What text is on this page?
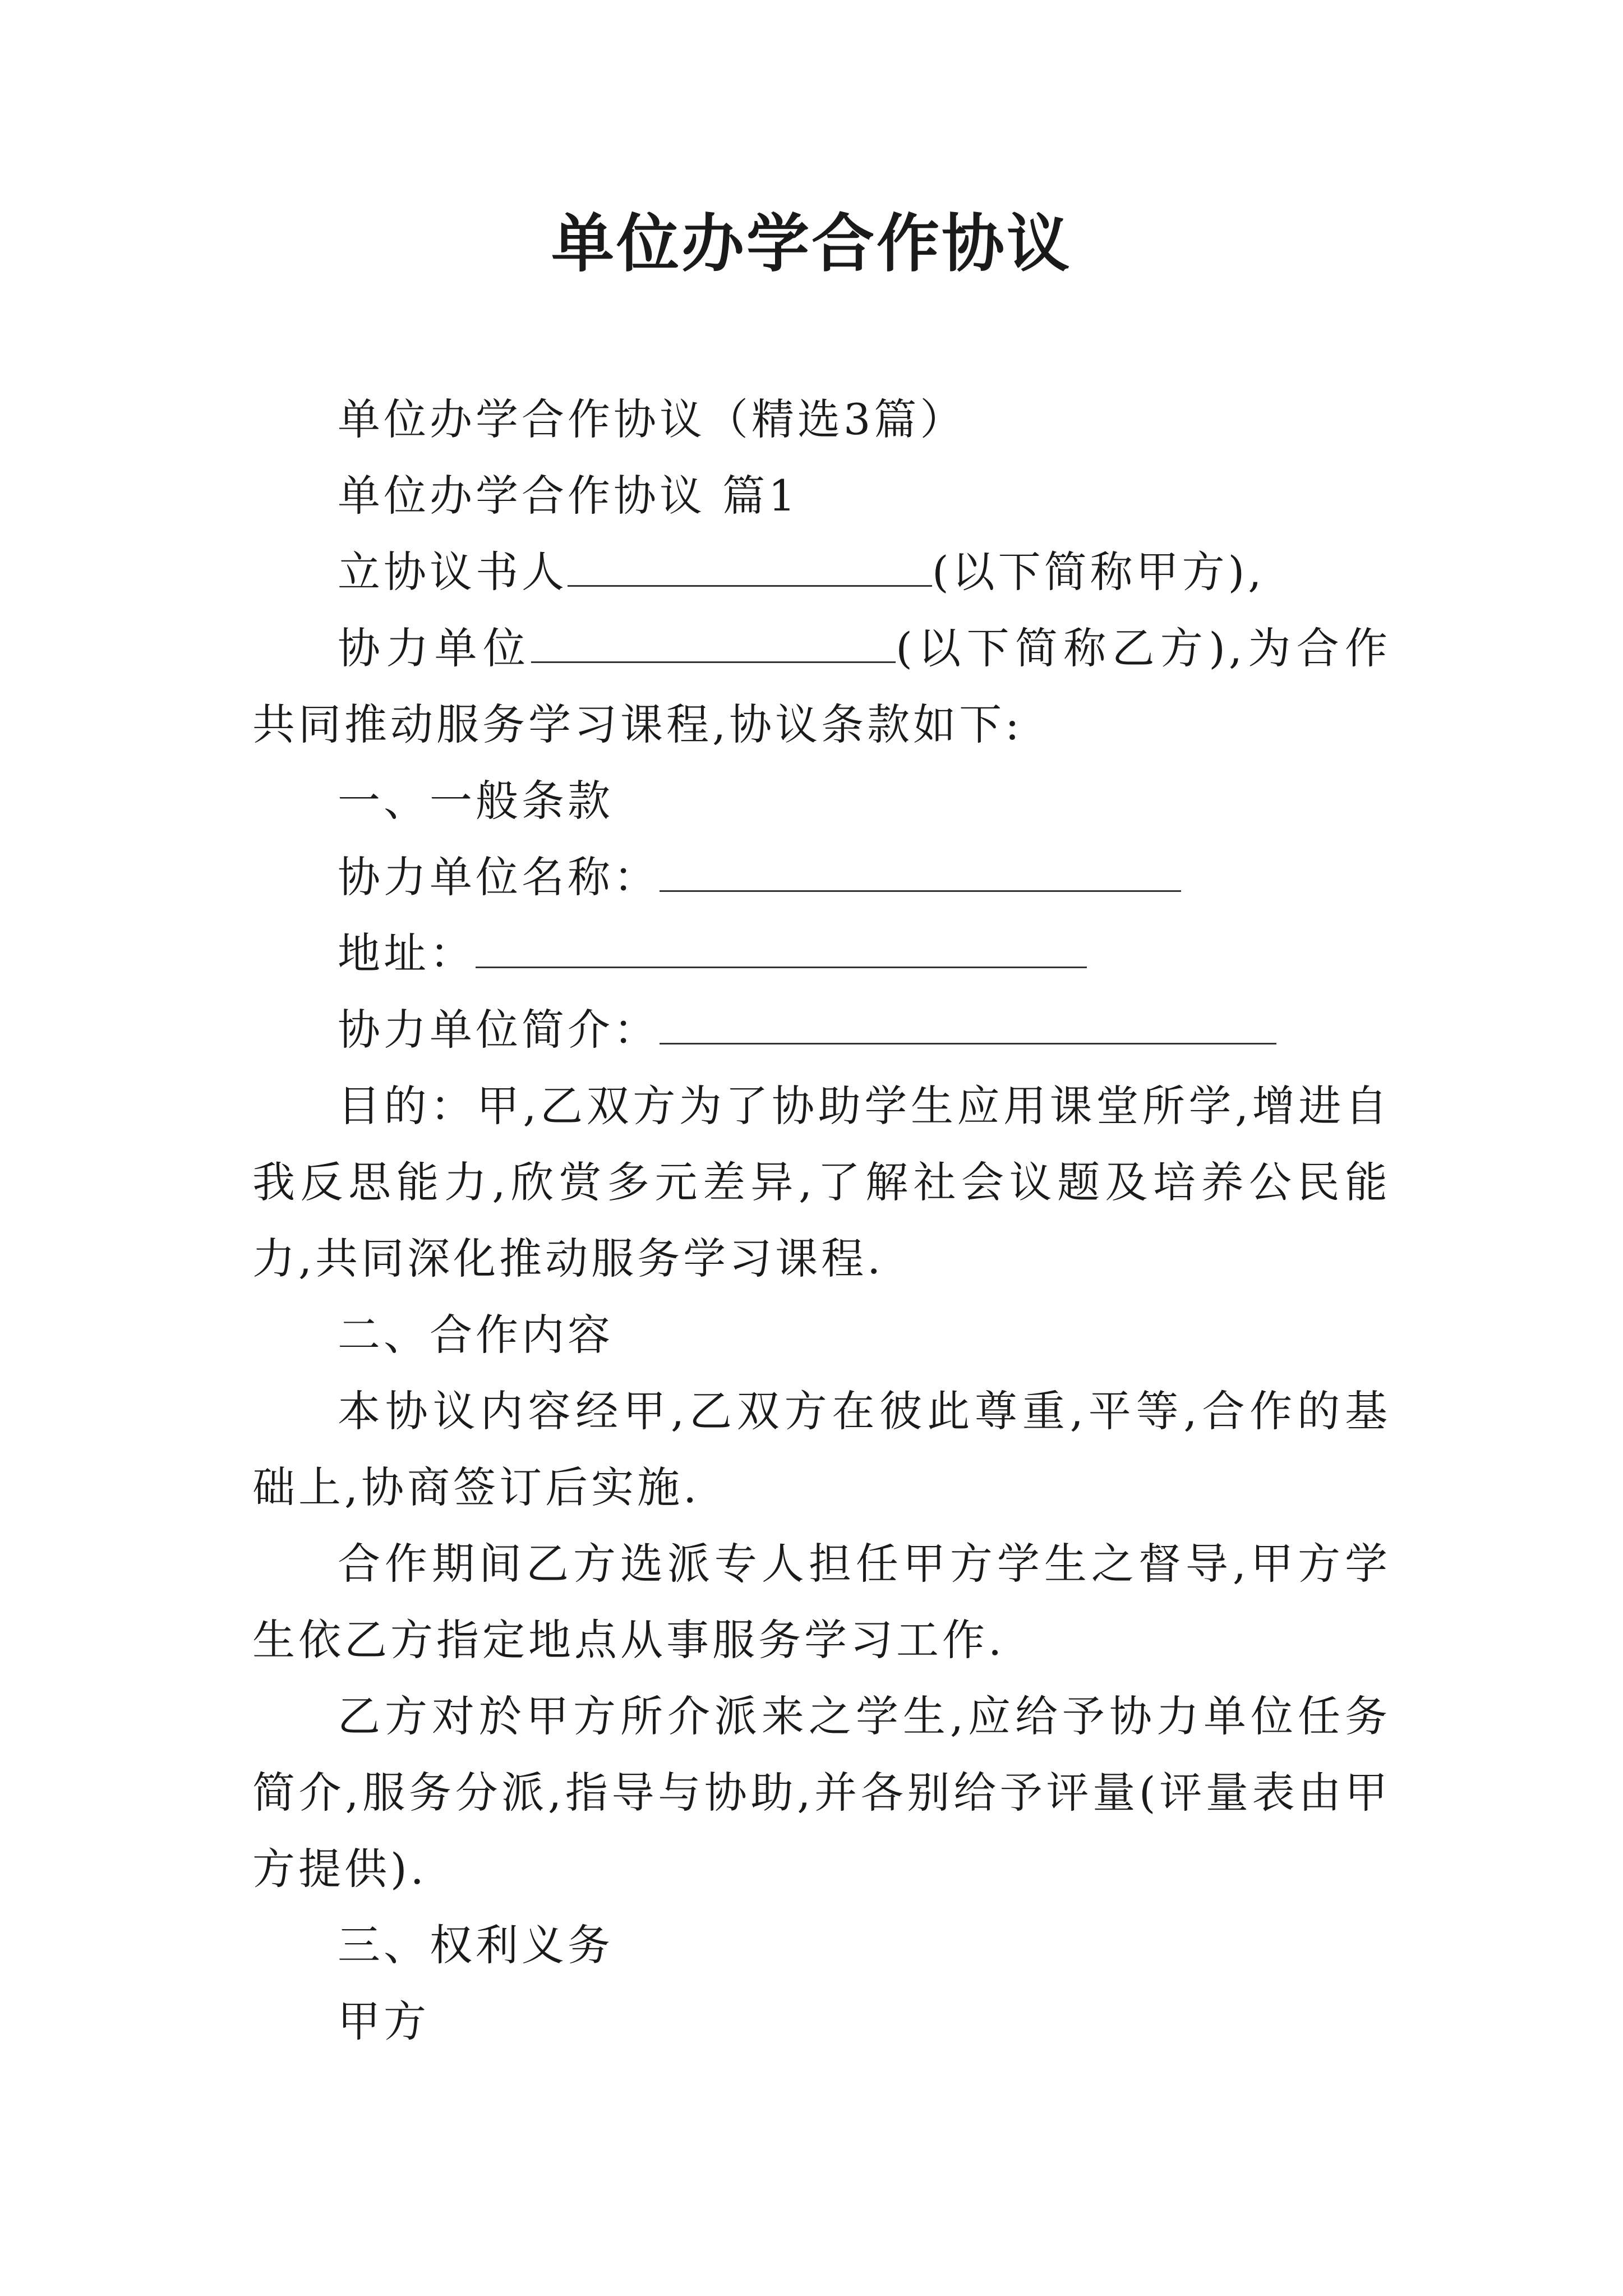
单位办学合作协议

单位办学合作协议（精选3篇）

单位办学合作协议 篇1

立协议书人	(以下简称甲方),

协力单位	(以下简称乙方),为合作共同推动服务学习课程,协议条款如下:

一、一般条款

协力单位名称：

地址：

协力单位简介：

目的：甲,乙双方为了协助学生应用课堂所学,增进自我反思能力,欣赏多元差异,了解社会议题及培养公民能力,共同深化推动服务学习课程.

二、合作内容

本协议内容经甲,乙双方在彼此尊重,平等,合作的基础上,协商签订后实施.

合作期间乙方选派专人担任甲方学生之督导,甲方学生依乙方指定地点从事服务学习工作.

乙方对於甲方所介派来之学生,应给予协力单位任务简介,服务分派,指导与协助,并各别给予评量(评量表由甲方提供).

三、权利义务

甲方
